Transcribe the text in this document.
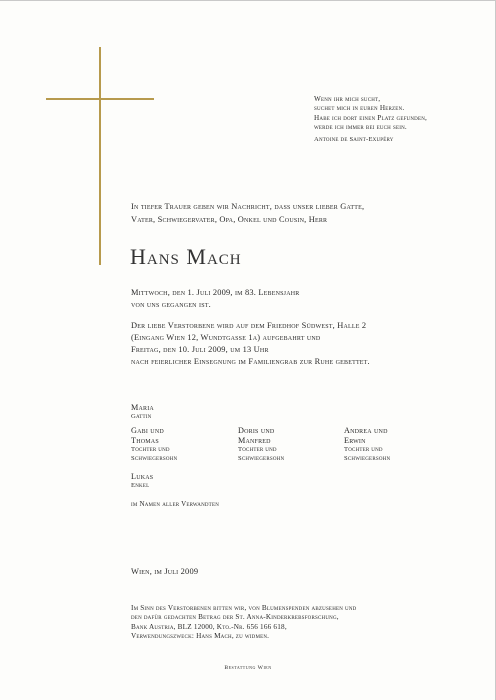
Wenn ihr mich sucht,
suchet mich in euren Herzen.
Habe ich dort einen Platz gefunden,
werde ich immer bei euch sein.
Antoine de Saint-Exupéry
In tiefer Trauer geben wir Nachricht, dass unser lieber Gatte,
Vater, Schwiegervater, Opa, Onkel und Cousin, Herr
Hans Mach
Mittwoch, den 1. Juli 2009, im 83. Lebensjahr
von uns gegangen ist.
Der liebe Verstorbene wird auf dem Friedhof Südwest, Halle 2
(Eingang Wien 12, Wundtgasse 1a) aufgebahrt und
Freitag, den 10. Juli 2009, um 13 Uhr
nach feierlicher Einsegnung im Familiengrab zur Ruhe gebettet.
Maria
Gattin
Gabi und
Thomas
Tochter und
Schwiegersohn
Doris und
Manfred
Tochter und
Schwiegersohn
Andrea und
Erwin
Tochter und
Schwiegersohn
Lukas
Enkel
im Namen aller Verwandten
Wien, im Juli 2009
Im Sinn des Verstorbenen bitten wir, von Blumenspenden abzusehen und
den dafür gedachten Betrag der St. Anna-Kinderkrebsforschung,
Bank Austria, BLZ 12000, Kto.-Nr. 656 166 618,
Verwendungszweck: Hans Mach, zu widmen.
Bestattung Wien
